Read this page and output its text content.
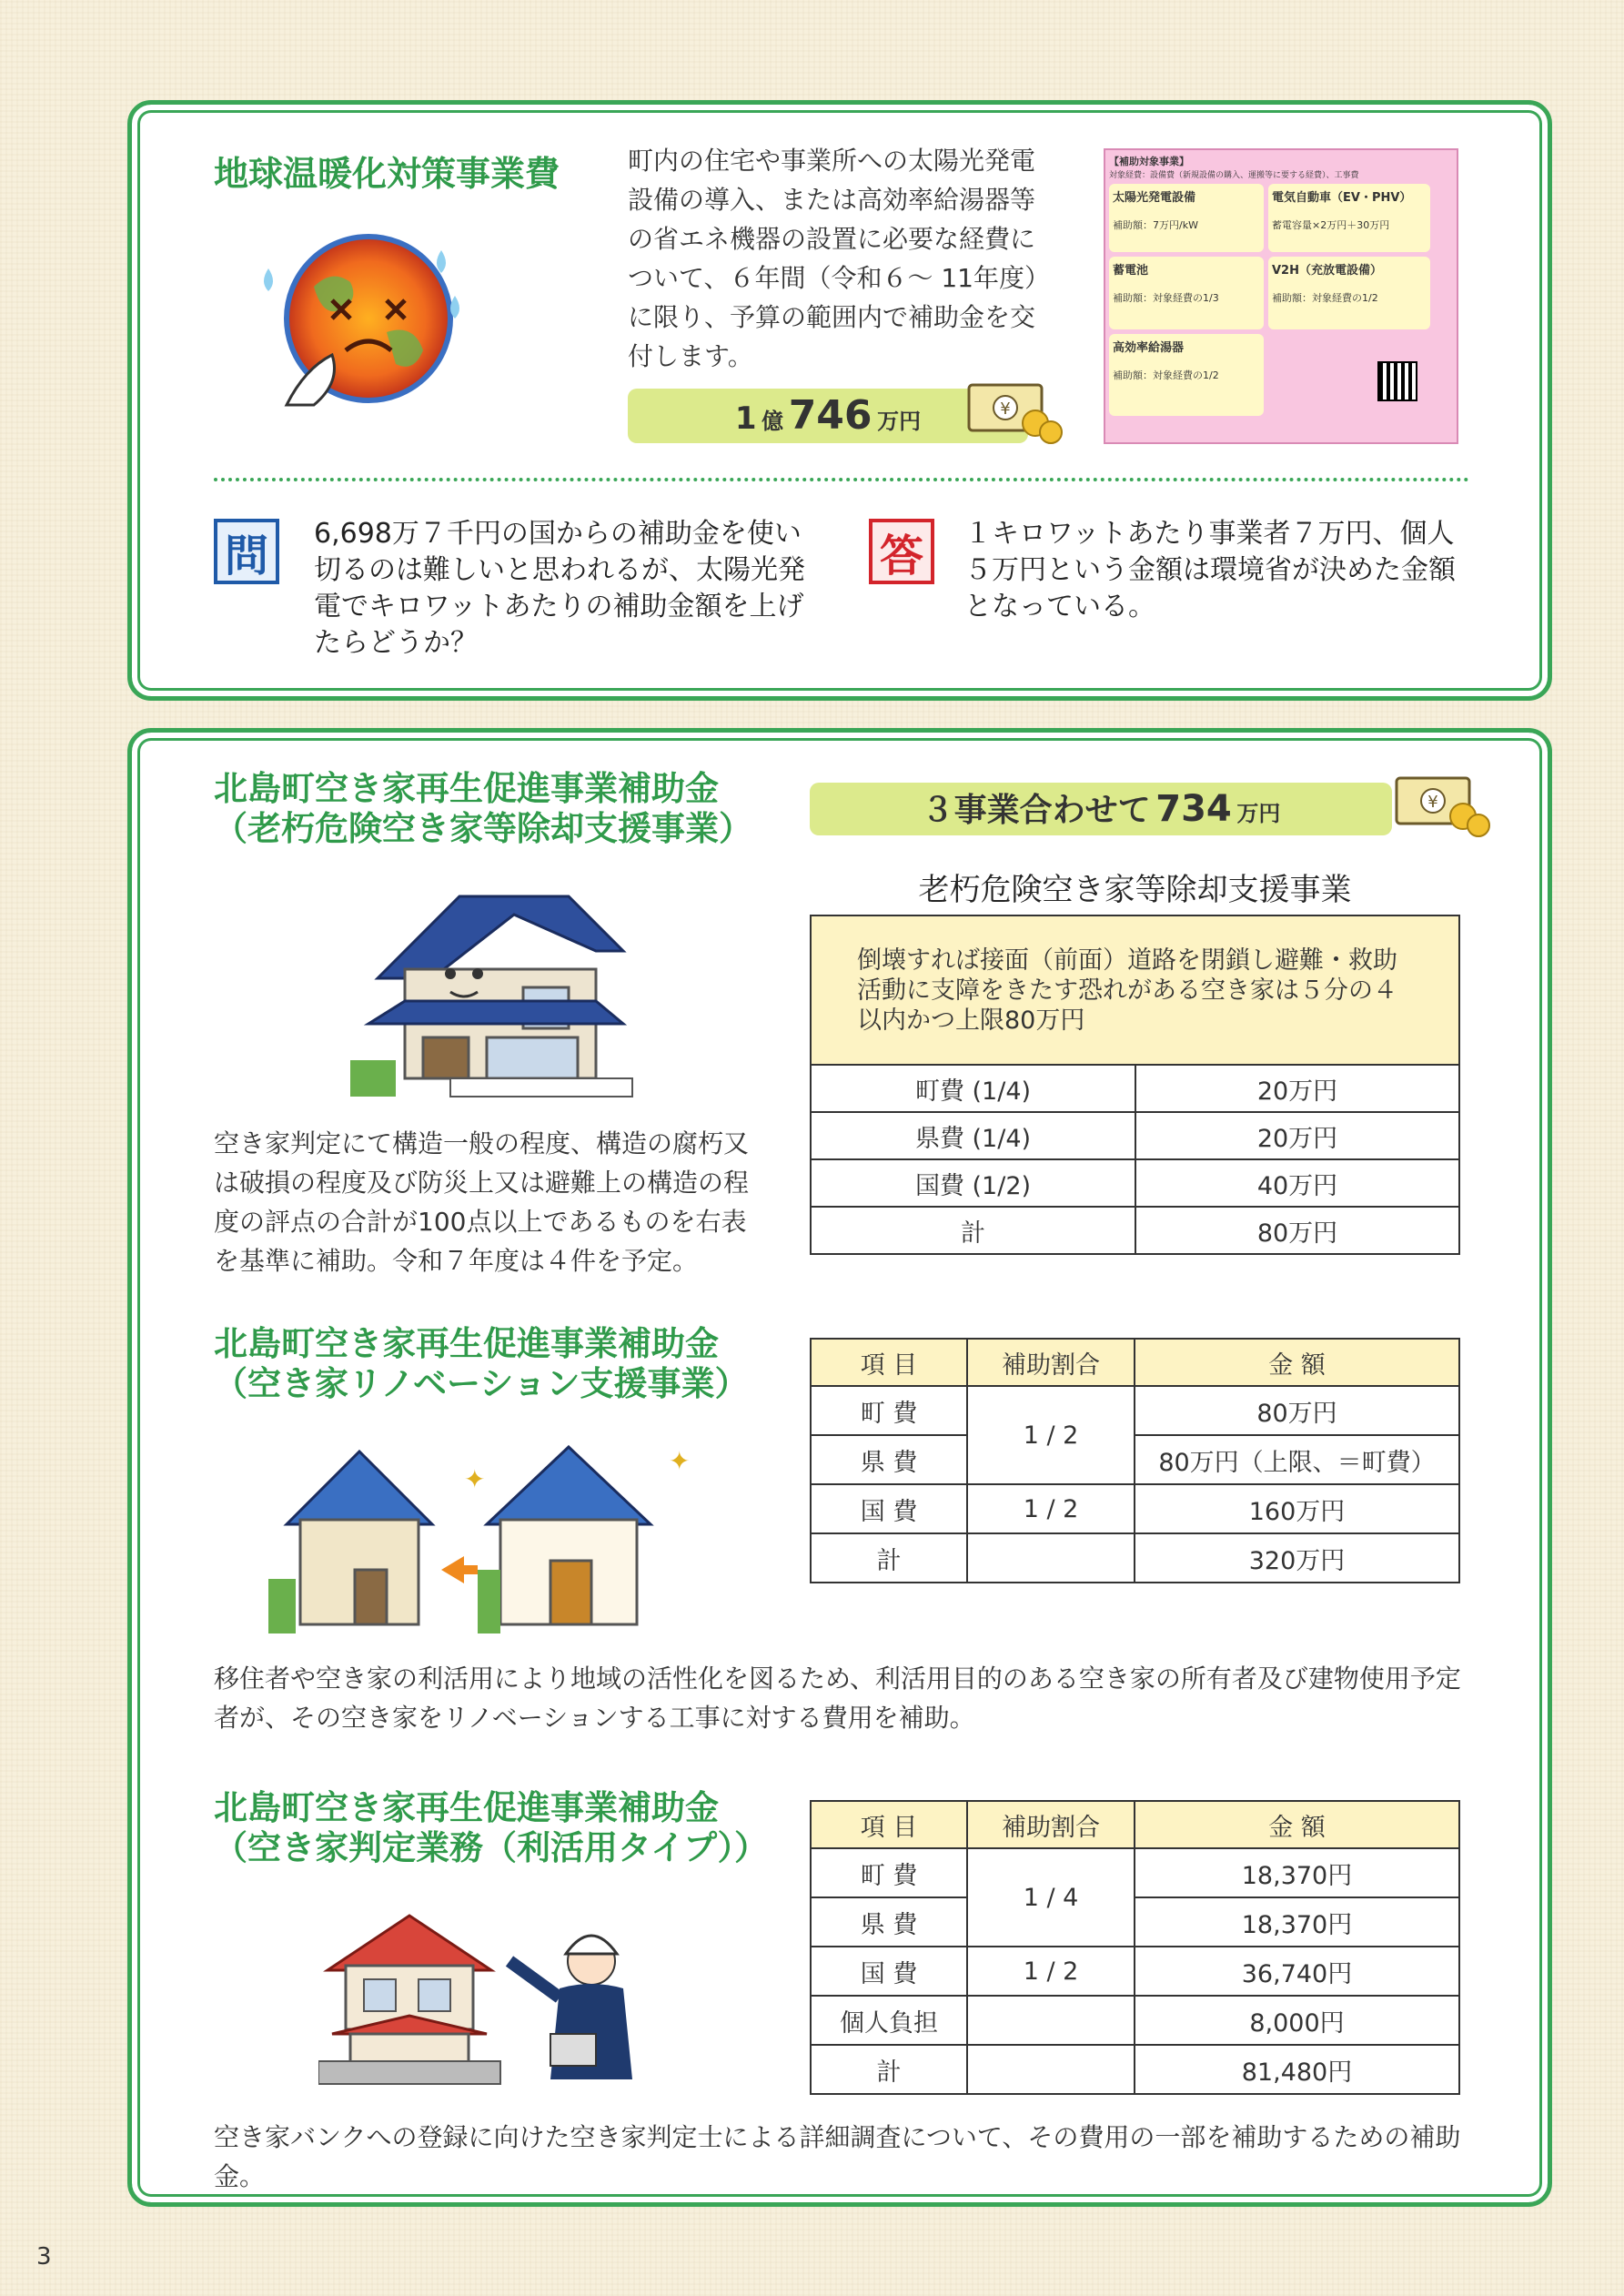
地球温暖化対策事業費	町内の住宅や事業所への太陽光発電設備の導入、または高効率給湯器等の省エネ機器の設置に必要な経費について、６年間（令和６～ 11年度）に限り、予算の範囲内で補助金を交付します。
1 億 746 万円	¥
【補助対象事業】
対象経費：設備費（新規設備の購入、運搬等に要する経費）、工事費
太陽光発電設備
補助額：7万円/kW
電気自動車（EV・PHV）
蓄電容量×2万円＋30万円
蓄電池
補助額：対象経費の1/3
V2H（充放電設備）
補助額：対象経費の1/2
高効率給湯器
補助額：対象経費の1/2
問	6,698万７千円の国からの補助金を使い切るのは難しいと思われるが、太陽光発電でキロワットあたりの補助金額を上げたらどうか？
答	１キロワットあたり事業者７万円、個人５万円という金額は環境省が決めた金額となっている。
北島町空き家再生促進事業補助金
（老朽危険空き家等除却支援事業）	３事業合わせて 734 万円	¥
空き家判定にて構造一般の程度、構造の腐朽又は破損の程度及び防災上又は避難上の構造の程度の評点の合計が100点以上であるものを右表を基準に補助。令和７年度は４件を予定。
老朽危険空き家等除却支援事業
倒壊すれば接面（前面）道路を閉鎖し避難・救助活動に支障をきたす恐れがある空き家は５分の４以内かつ上限80万円	
町費 (1/4)	20万円
県費 (1/4)	20万円
国費 (1/2)	40万円
計	80万円
北島町空き家再生促進事業補助金
（空き家リノベーション支援事業）
✦
✦
項 目	補助割合	金 額
町 費	1 / 2	80万円
県 費		80万円（上限、＝町費）
国 費	1 / 2	160万円
計		320万円
移住者や空き家の利活用により地域の活性化を図るため、利活用目的のある空き家の所有者及び建物使用予定者が、その空き家をリノベーションする工事に対する費用を補助。
北島町空き家再生促進事業補助金
（空き家判定業務（利活用タイプ））
項 目	補助割合	金 額
町 費	1 / 4	18,370円
県 費		18,370円
国 費	1 / 2	36,740円
個人負担		8,000円
計		81,480円
空き家バンクへの登録に向けた空き家判定士による詳細調査について、その費用の一部を補助するための補助金。
3
